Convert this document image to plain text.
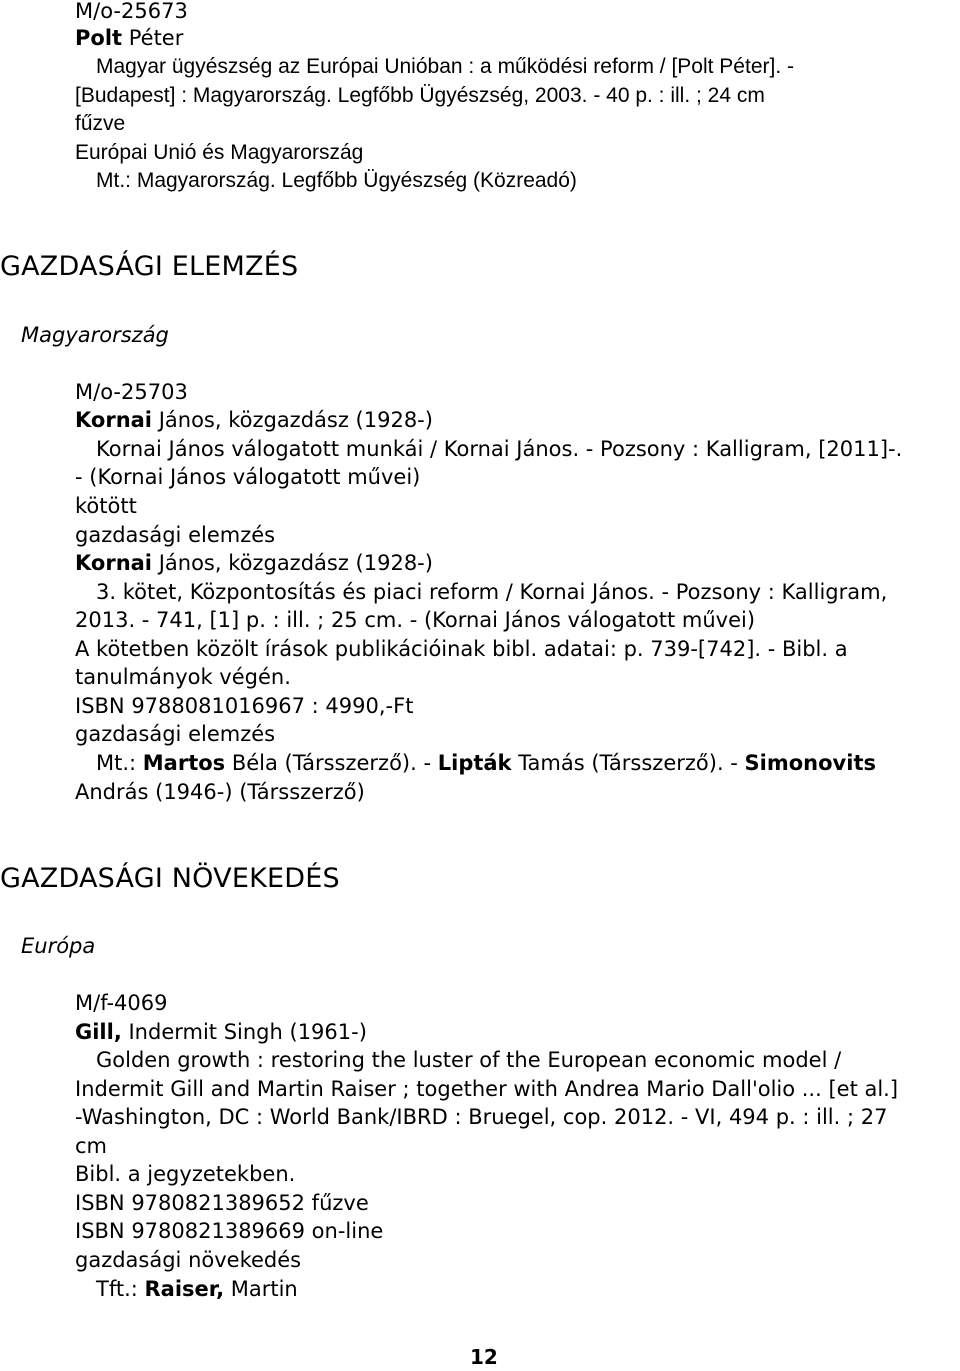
M/o-25673
Polt Péter
Magyar ügyészség az Európai Unióban : a működési reform / [Polt Péter]. -
[Budapest] : Magyarország. Legfőbb Ügyészség, 2003. - 40 p. : ill. ; 24 cm
fűzve
Európai Unió és Magyarország
Mt.: Magyarország. Legfőbb Ügyészség (Közreadó)
GAZDASÁGI ELEMZÉS
Magyarország
M/o-25703
Kornai János, közgazdász (1928-)
Kornai János válogatott munkái / Kornai János. - Pozsony : Kalligram, [2011]-.
- (Kornai János válogatott művei)
kötött
gazdasági elemzés
Kornai János, közgazdász (1928-)
3. kötet, Központosítás és piaci reform / Kornai János. - Pozsony : Kalligram,
2013. - 741, [1] p. : ill. ; 25 cm. - (Kornai János válogatott művei)
A kötetben közölt írások publikációinak bibl. adatai: p. 739-[742]. - Bibl. a
tanulmányok végén.
ISBN 9788081016967 : 4990,-Ft
gazdasági elemzés
Mt.: Martos Béla (Társszerző). - Lipták Tamás (Társszerző). - Simonovits
András (1946-) (Társszerző)
GAZDASÁGI NÖVEKEDÉS
Európa
M/f-4069
Gill, Indermit Singh (1961-)
Golden growth : restoring the luster of the European economic model /
Indermit Gill and Martin Raiser ; together with Andrea Mario Dall'olio ... [et al.]
-Washington, DC : World Bank/IBRD : Bruegel, cop. 2012. - VI, 494 p. : ill. ; 27
cm
Bibl. a jegyzetekben.
ISBN 9780821389652 fűzve
ISBN 9780821389669 on-line
gazdasági növekedés
Tft.: Raiser, Martin
12
